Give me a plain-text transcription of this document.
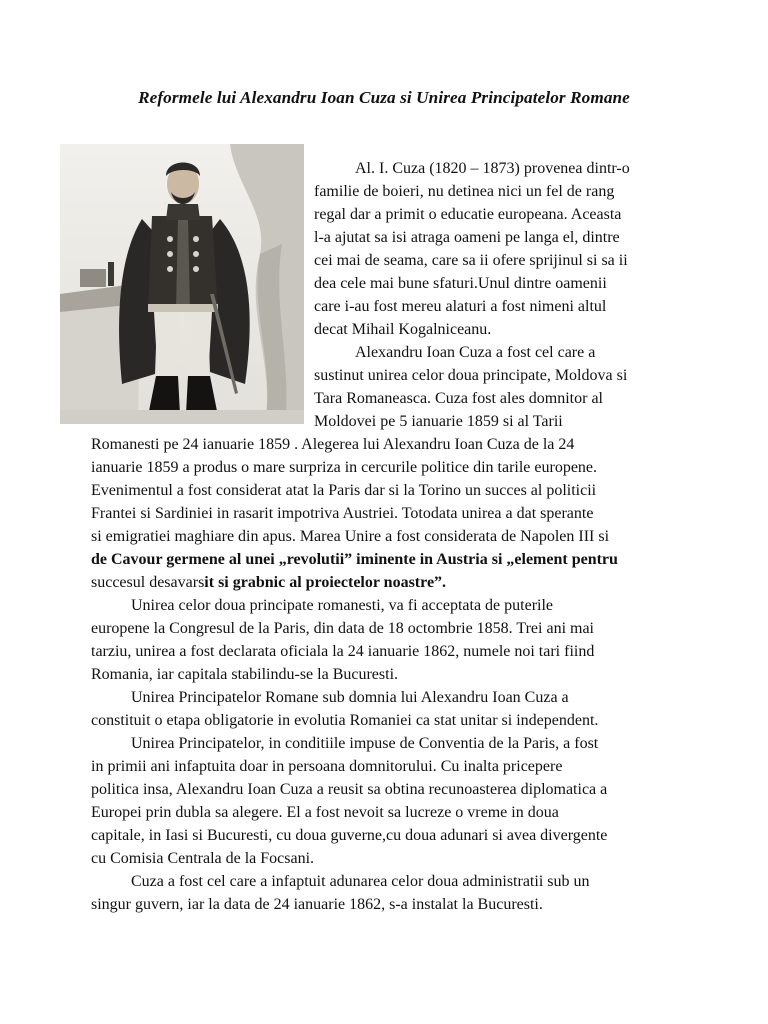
Reformele lui Alexandru Ioan Cuza si Unirea Principatelor Romane
Al. I. Cuza (1820 – 1873) provenea dintr-o
familie de boieri, nu detinea nici un fel de rang
regal dar a primit o educatie europeana. Aceasta
l-a ajutat sa isi atraga oameni pe langa el, dintre
cei mai de seama, care sa ii ofere sprijinul si sa ii
dea cele mai bune sfaturi.Unul dintre oamenii
care i-au fost mereu alaturi a fost nimeni altul
decat Mihail Kogalniceanu.
Alexandru Ioan Cuza a fost cel care a
sustinut unirea celor doua principate, Moldova si
Tara Romaneasca. Cuza fost ales domnitor al
Moldovei pe 5 ianuarie 1859 si al Tarii
Romanesti pe 24 ianuarie 1859 . Alegerea lui Alexandru Ioan Cuza de la 24
ianuarie 1859 a produs o mare surpriza in cercurile politice din tarile europene.
Evenimentul a fost considerat atat la Paris dar si la Torino un succes al politicii
Frantei si Sardiniei in rasarit impotriva Austriei. Totodata unirea a dat sperante
si emigratiei maghiare din apus. Marea Unire a fost considerata de Napolen III si
de Cavour germene al unei „revolutii” iminente in Austria si „element pentru
succesul desavarsit si grabnic al proiectelor noastre”.
Unirea celor doua principate romanesti, va fi acceptata de puterile
europene la Congresul de la Paris, din data de 18 octombrie 1858. Trei ani mai
tarziu, unirea a fost declarata oficiala la 24 ianuarie 1862, numele noi tari fiind
Romania, iar capitala stabilindu-se la Bucuresti.
Unirea Principatelor Romane sub domnia lui Alexandru Ioan Cuza a
constituit o etapa obligatorie in evolutia Romaniei ca stat unitar si independent.
Unirea Principatelor, in conditiile impuse de Conventia de la Paris, a fost
in primii ani infaptuita doar in persoana domnitorului. Cu inalta pricepere
politica insa, Alexandru Ioan Cuza a reusit sa obtina recunoasterea diplomatica a
Europei prin dubla sa alegere. El a fost nevoit sa lucreze o vreme in doua
capitale, in Iasi si Bucuresti, cu doua guverne,cu doua adunari si avea divergente
cu Comisia Centrala de la Focsani.
Cuza a fost cel care a infaptuit adunarea celor doua administratii sub un
singur guvern, iar la data de 24 ianuarie 1862, s-a instalat la Bucuresti.
